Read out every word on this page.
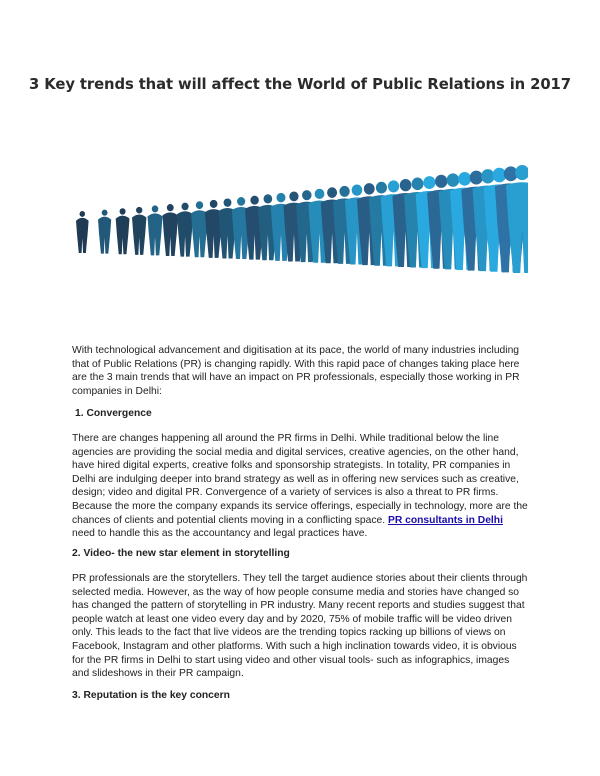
3 Key trends that will affect the World of Public Relations in 2017

With technological advancement and digitisation at its pace, the world of many industries including that of Public Relations (PR) is changing rapidly. With this rapid pace of changes taking place here are the 3 main trends that will have an impact on PR professionals, especially those working in PR companies in Delhi:

1. Convergence

There are changes happening all around the PR firms in Delhi. While traditional below the line agencies are providing the social media and digital services, creative agencies, on the other hand, have hired digital experts, creative folks and sponsorship strategists. In totality, PR companies in Delhi are indulging deeper into brand strategy as well as in offering new services such as creative, design; video and digital PR. Convergence of a variety of services is also a threat to PR firms. Because the more the company expands its service offerings, especially in technology, more are the chances of clients and potential clients moving in a conflicting space. PR consultants in Delhi need to handle this as the accountancy and legal practices have.

2. Video- the new star element in storytelling

PR professionals are the storytellers. They tell the target audience stories about their clients through selected media. However, as the way of how people consume media and stories have changed so has changed the pattern of storytelling in PR industry. Many recent reports and studies suggest that people watch at least one video every day and by 2020, 75% of mobile traffic will be video driven only. This leads to the fact that live videos are the trending topics racking up billions of views on Facebook, Instagram and other platforms. With such a high inclination towards video, it is obvious for the PR firms in Delhi to start using video and other visual tools- such as infographics, images and slideshows in their PR campaign.

3. Reputation is the key concern
